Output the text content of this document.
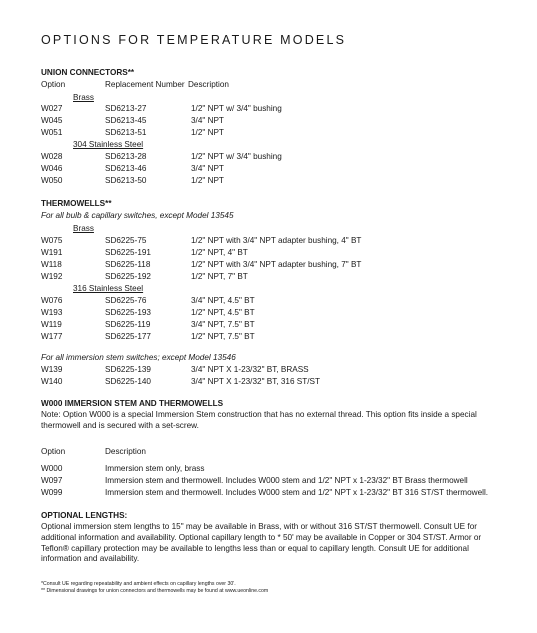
OPTIONS FOR TEMPERATURE MODELS
UNION CONNECTORS**
Option	Replacement Number Description
Brass
W027	SD6213-27	1/2" NPT w/ 3/4" bushing
W045	SD6213-45	3/4" NPT
W051	SD6213-51	1/2" NPT
304 Stainless Steel
W028	SD6213-28	1/2" NPT w/ 3/4" bushing
W046	SD6213-46	3/4" NPT
W050	SD6213-50	1/2" NPT
THERMOWELLS**
For all bulb & capillary switches, except Model 13545
Brass
W075	SD6225-75	1/2" NPT with 3/4" NPT adapter bushing, 4" BT
W191	SD6225-191	1/2" NPT, 4" BT
W118	SD6225-118	1/2" NPT with 3/4" NPT adapter bushing, 7" BT
W192	SD6225-192	1/2" NPT, 7" BT
316 Stainless Steel
W076	SD6225-76	3/4" NPT, 4.5" BT
W193	SD6225-193	1/2" NPT, 4.5" BT
W119	SD6225-119	3/4" NPT, 7.5" BT
W177	SD6225-177	1/2" NPT, 7.5" BT
For all immersion stem switches; except Model 13546
W139	SD6225-139	3/4" NPT X 1-23/32" BT, BRASS
W140	SD6225-140	3/4" NPT X 1-23/32" BT, 316 ST/ST
W000 IMMERSION STEM AND THERMOWELLS
Note: Option W000 is a special Immersion Stem construction that has no external thread. This option fits inside a special thermowell and is secured with a set-screw.
Option	Description
W000	Immersion stem only, brass
W097	Immersion stem and thermowell. Includes W000 stem and 1/2" NPT x 1-23/32" BT Brass thermowell
W099	Immersion stem and thermowell. Includes W000 stem and 1/2" NPT x 1-23/32" BT 316 ST/ST thermowell.
OPTIONAL LENGTHS:
Optional immersion stem lengths to 15" may be available in Brass, with or without 316 ST/ST thermowell. Consult UE for additional information and availability. Optional capillary length to * 50' may be available in Copper or 304 ST/ST. Armor or Teflon® capillary protection may be available to lengths less than or equal to capillary length. Consult UE for additional information and availability.
*Consult UE regarding repeatability and ambient effects on capillary lengths over 30'.
** Dimensional drawings for union connectors and thermowells may be found at www.ueonline.com
